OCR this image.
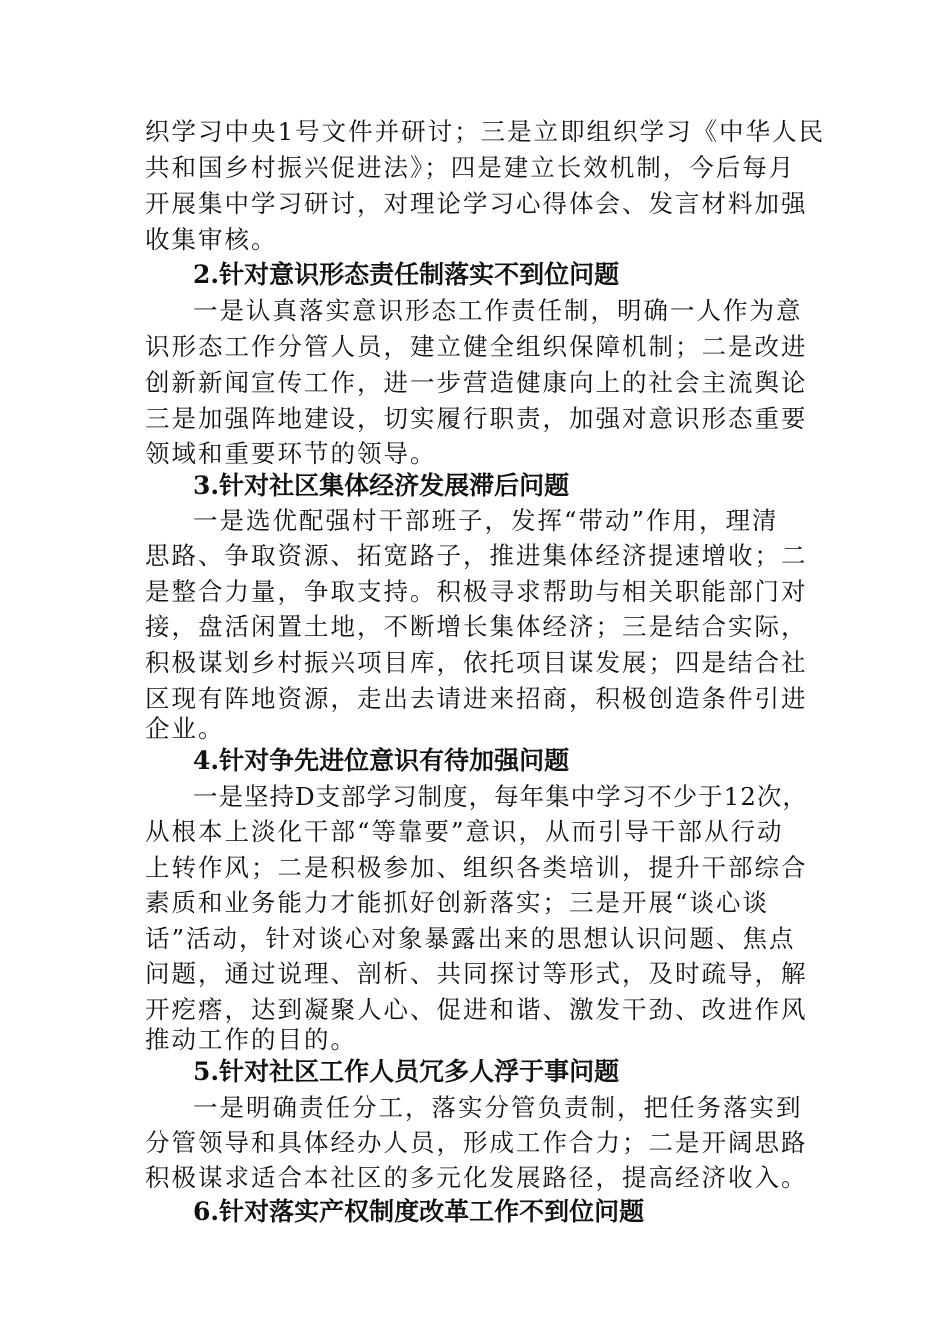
织学习中央1号文件并研讨；三是立即组织学习《中华人民
共和国乡村振兴促进法》；四是建立长效机制，今后每月
开展集中学习研讨，对理论学习心得体会、发言材料加强
收集审核。
2.针对意识形态责任制落实不到位问题
一是认真落实意识形态工作责任制，明确一人作为意
识形态工作分管人员，建立健全组织保障机制；二是改进
创新新闻宣传工作，进一步营造健康向上的社会主流舆论
三是加强阵地建设，切实履行职责，加强对意识形态重要
领域和重要环节的领导。
3.针对社区集体经济发展滞后问题
一是选优配强村干部班子，发挥“带动”作用，理清
思路、争取资源、拓宽路子，推进集体经济提速增收；二
是整合力量，争取支持。积极寻求帮助与相关职能部门对
接，盘活闲置土地，不断增长集体经济；三是结合实际，
积极谋划乡村振兴项目库，依托项目谋发展；四是结合社
区现有阵地资源，走出去请进来招商，积极创造条件引进
企业。
4.针对争先进位意识有待加强问题
一是坚持D支部学习制度，每年集中学习不少于12次，
从根本上淡化干部“等靠要”意识，从而引导干部从行动
上转作风；二是积极参加、组织各类培训，提升干部综合
素质和业务能力才能抓好创新落实；三是开展“谈心谈
话”活动，针对谈心对象暴露出来的思想认识问题、焦点
问题，通过说理、剖析、共同探讨等形式，及时疏导，解
开疙瘩，达到凝聚人心、促进和谐、激发干劲、改进作风
推动工作的目的。
5.针对社区工作人员冗多人浮于事问题
一是明确责任分工，落实分管负责制，把任务落实到
分管领导和具体经办人员，形成工作合力；二是开阔思路
积极谋求适合本社区的多元化发展路径，提高经济收入。
6.针对落实产权制度改革工作不到位问题
